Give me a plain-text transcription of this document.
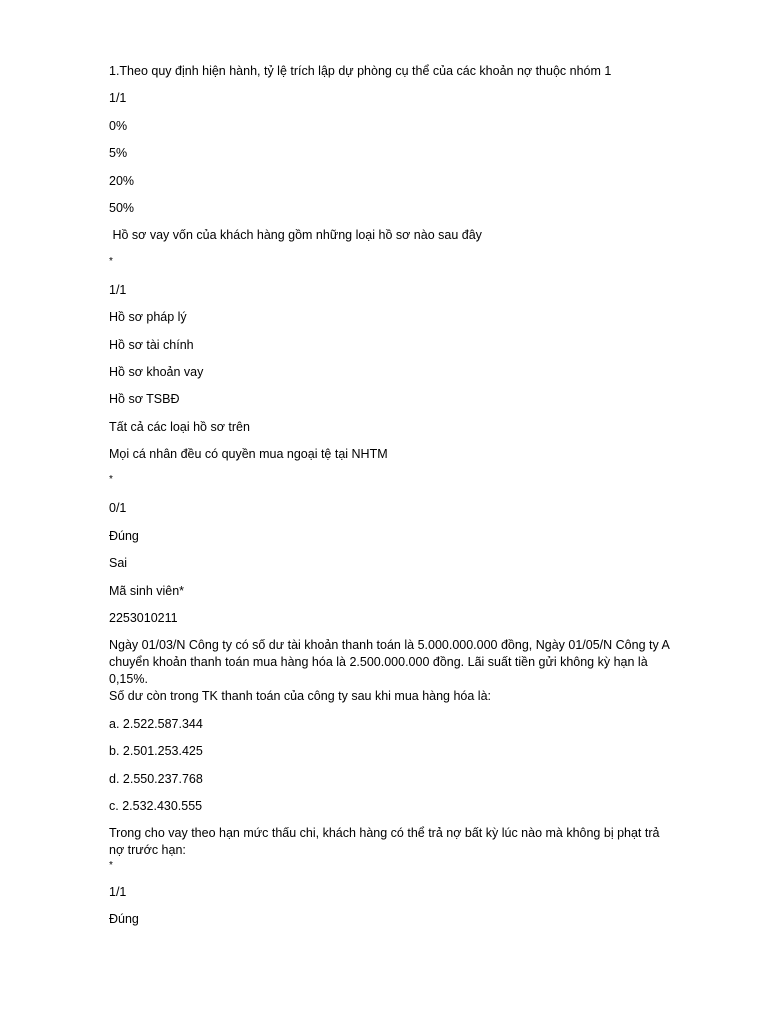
1.Theo quy định hiện hành, tỷ lệ trích lập dự phòng cụ thể của các khoản nợ thuộc nhóm 1
1/1
0%
5%
20%
50%
Hồ sơ vay vốn của khách hàng gồm những loại hồ sơ nào sau đây
*
1/1
Hồ sơ pháp lý
Hồ sơ tài chính
Hồ sơ khoản vay
Hồ sơ TSBĐ
Tất cả các loại hồ sơ trên
Mọi cá nhân đều có quyền mua ngoại tệ tại NHTM
*
0/1
Đúng
Sai
Mã sinh viên*
2253010211
Ngày 01/03/N Công ty có số dư tài khoản thanh toán là 5.000.000.000 đồng, Ngày 01/05/N Công ty A
chuyển khoản thanh toán mua hàng hóa là 2.500.000.000 đồng. Lãi suất tiền gửi không kỳ hạn là
0,15%.
Số dư còn trong TK thanh toán của công ty sau khi mua hàng hóa là:
a. 2.522.587.344
b. 2.501.253.425
d. 2.550.237.768
c. 2.532.430.555
Trong cho vay theo hạn mức thấu chi, khách hàng có thể trả nợ bất kỳ lúc nào mà không bị phạt trả
nợ trước hạn:
*
1/1
Đúng
